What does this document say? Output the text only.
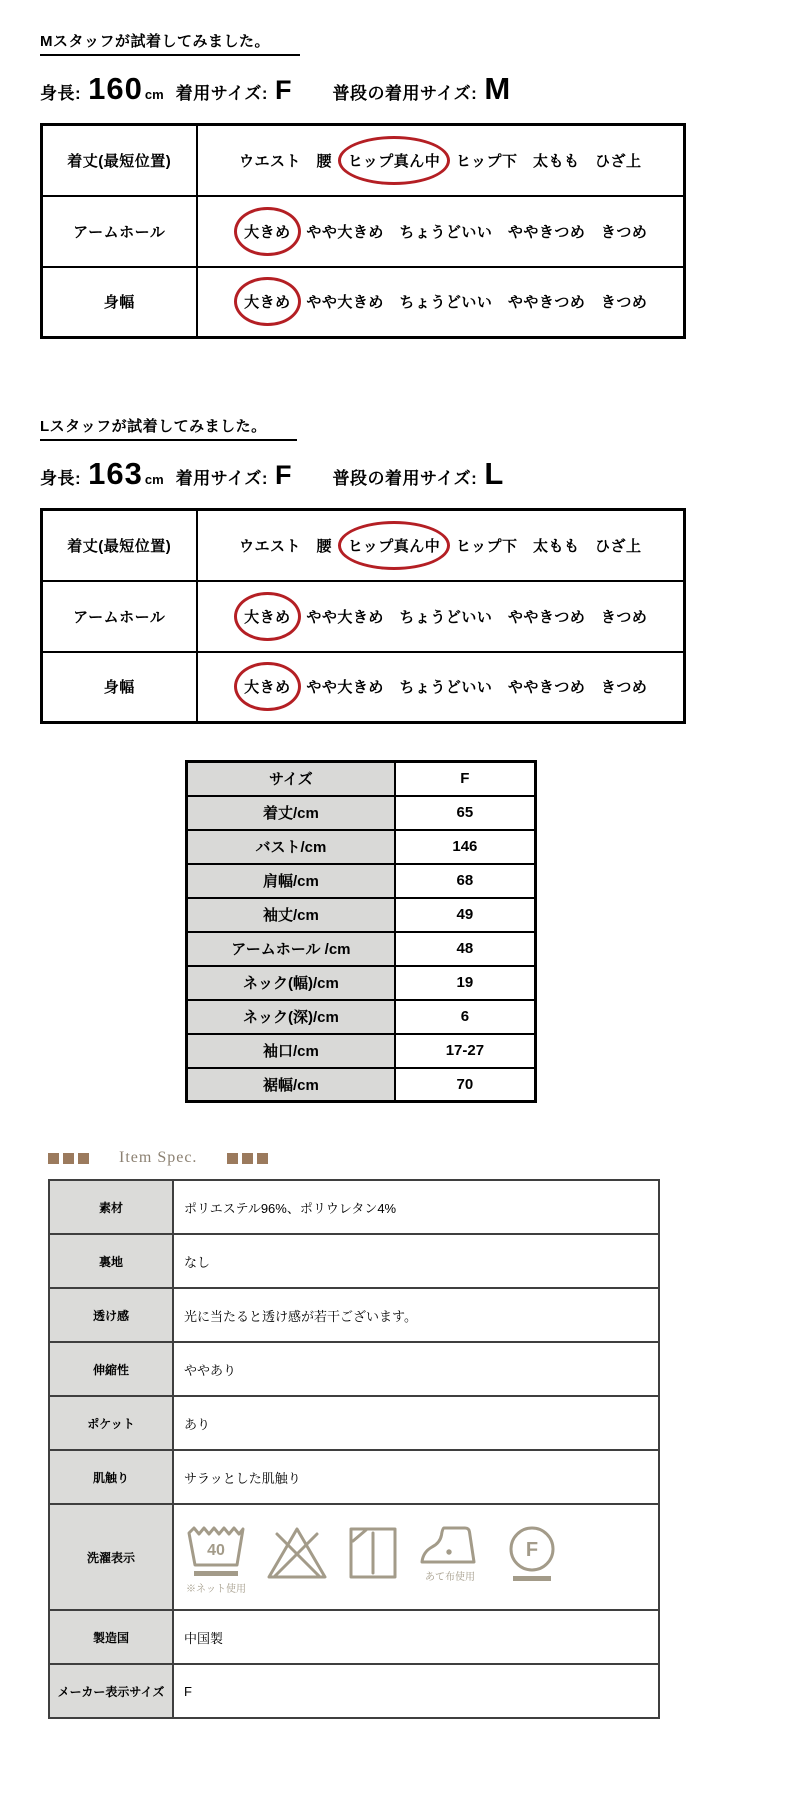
Mスタッフが試着してみました。
身長: 160 cm 着用サイズ: F 普段の着用サイズ: M
着丈(最短位置)	ウエスト　腰 ヒップ真ん中 ヒップ下　太もも　ひざ上
アームホール	大きめ やや大きめ　ちょうどいい　ややきつめ　きつめ
身幅	大きめ やや大きめ　ちょうどいい　ややきつめ　きつめ
Lスタッフが試着してみました。
身長: 163 cm 着用サイズ: F 普段の着用サイズ: L
着丈(最短位置)	ウエスト　腰 ヒップ真ん中 ヒップ下　太もも　ひざ上
アームホール	大きめ やや大きめ　ちょうどいい　ややきつめ　きつめ
身幅	大きめ やや大きめ　ちょうどいい　ややきつめ　きつめ
サイズ	F
着丈/cm	65
バスト/cm	146
肩幅/cm	68
袖丈/cm	49
アームホール /cm	48
ネック(幅)/cm	19
ネック(深)/cm	6
袖口/cm	17-27
裾幅/cm	70
Item Spec.
素材	ポリエステル96%、ポリウレタン4%
裏地	なし
透け感	光に当たると透け感が若干ございます。
伸縮性	ややあり
ポケット	あり
肌触り	サラッとした肌触り
洗濯表示	40
※ネット使用
あて布使用
F

製造国	中国製
メーカー表示サイズ	F
